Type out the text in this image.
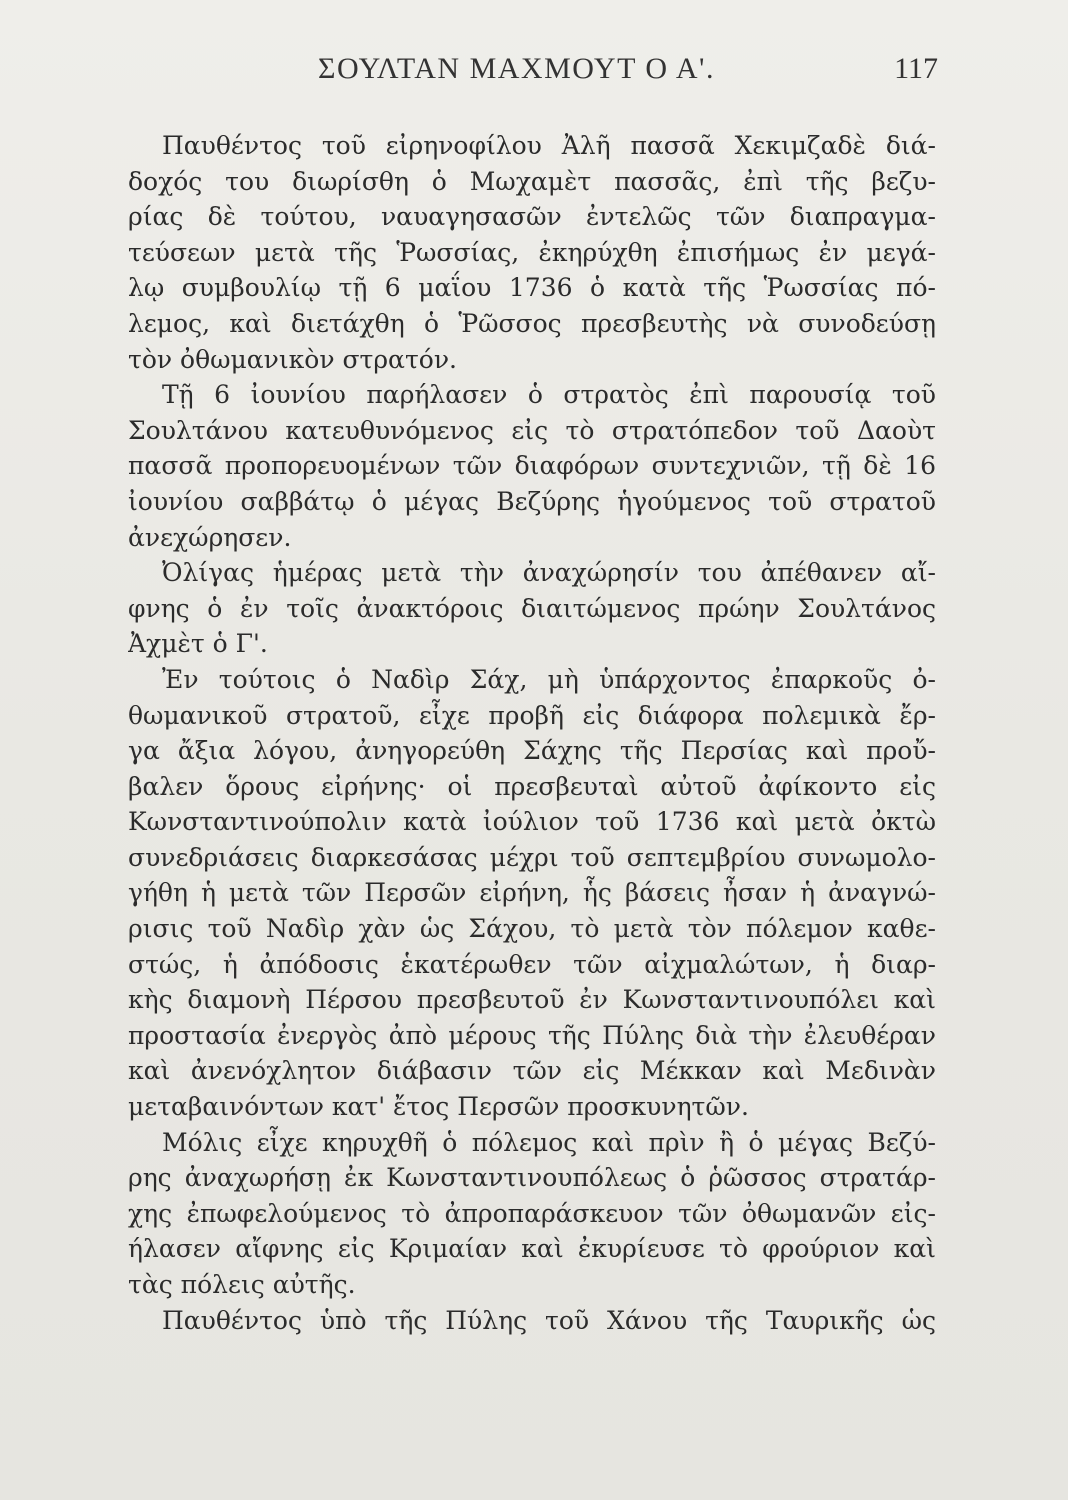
ΣΟΥΛΤΑΝ ΜΑΧΜΟΥΤ Ο Α'.	117
Παυθέντος τοῦ εἰρηνοφίλου Ἀλῆ πασσᾶ Χεκιμζαδὲ διά-
δοχός του διωρίσθη ὁ Μωχαμὲτ πασσᾶς, ἐπὶ τῆς βεζυ-
ρίας δὲ τούτου, ναυαγησασῶν ἐντελῶς τῶν διαπραγμα-
τεύσεων μετὰ τῆς Ῥωσσίας, ἐκηρύχθη ἐπισήμως ἐν μεγά-
λῳ συμβουλίῳ τῇ 6 μαΐου 1736 ὁ κατὰ τῆς Ῥωσσίας πό-
λεμος, καὶ διετάχθη ὁ Ῥῶσσος πρεσβευτὴς νὰ συνοδεύσῃ
τὸν ὀθωμανικὸν στρατόν.
Τῇ 6 ἰουνίου παρήλασεν ὁ στρατὸς ἐπὶ παρουσίᾳ τοῦ
Σουλτάνου κατευθυνόμενος εἰς τὸ στρατόπεδον τοῦ Δαοὺτ
πασσᾶ προπορευομένων τῶν διαφόρων συντεχνιῶν, τῇ δὲ 16
ἰουνίου σαββάτῳ ὁ μέγας Βεζύρης ἡγούμενος τοῦ στρατοῦ
ἀνεχώρησεν.
Ὀλίγας ἡμέρας μετὰ τὴν ἀναχώρησίν του ἀπέθανεν αἴ-
φνης ὁ ἐν τοῖς ἀνακτόροις διαιτώμενος πρώην Σουλτάνος
Ἀχμὲτ ὁ Γ'.
Ἐν τούτοις ὁ Ναδὶρ Σάχ, μὴ ὑπάρχοντος ἐπαρκοῦς ὀ-
θωμανικοῦ στρατοῦ, εἶχε προβῆ εἰς διάφορα πολεμικὰ ἔρ-
γα ἄξια λόγου, ἀνηγορεύθη Σάχης τῆς Περσίας καὶ προὔ-
βαλεν ὅρους εἰρήνης· οἱ πρεσβευταὶ αὐτοῦ ἀφίκοντο εἰς
Κωνσταντινούπολιν κατὰ ἰούλιον τοῦ 1736 καὶ μετὰ ὀκτὼ
συνεδριάσεις διαρκεσάσας μέχρι τοῦ σεπτεμβρίου συνωμολο-
γήθη ἡ μετὰ τῶν Περσῶν εἰρήνη, ἧς βάσεις ἦσαν ἡ ἀναγνώ-
ρισις τοῦ Ναδὶρ χὰν ὡς Σάχου, τὸ μετὰ τὸν πόλεμον καθε-
στώς, ἡ ἀπόδοσις ἑκατέρωθεν τῶν αἰχμαλώτων, ἡ διαρ-
κὴς διαμονὴ Πέρσου πρεσβευτοῦ ἐν Κωνσταντινουπόλει καὶ
προστασία ἐνεργὸς ἀπὸ μέρους τῆς Πύλης διὰ τὴν ἐλευθέραν
καὶ ἀνενόχλητον διάβασιν τῶν εἰς Μέκκαν καὶ Μεδινὰν
μεταβαινόντων κατ' ἔτος Περσῶν προσκυνητῶν.
Μόλις εἶχε κηρυχθῆ ὁ πόλεμος καὶ πρὶν ἢ ὁ μέγας Βεζύ-
ρης ἀναχωρήσῃ ἐκ Κωνσταντινουπόλεως ὁ ῥῶσσος στρατάρ-
χης ἐπωφελούμενος τὸ ἀπροπαράσκευον τῶν ὀθωμανῶν εἰς-
ήλασεν αἴφνης εἰς Κριμαίαν καὶ ἐκυρίευσε τὸ φρούριον καὶ
τὰς πόλεις αὐτῆς.
Παυθέντος ὑπὸ τῆς Πύλης τοῦ Χάνου τῆς Ταυρικῆς ὡς
